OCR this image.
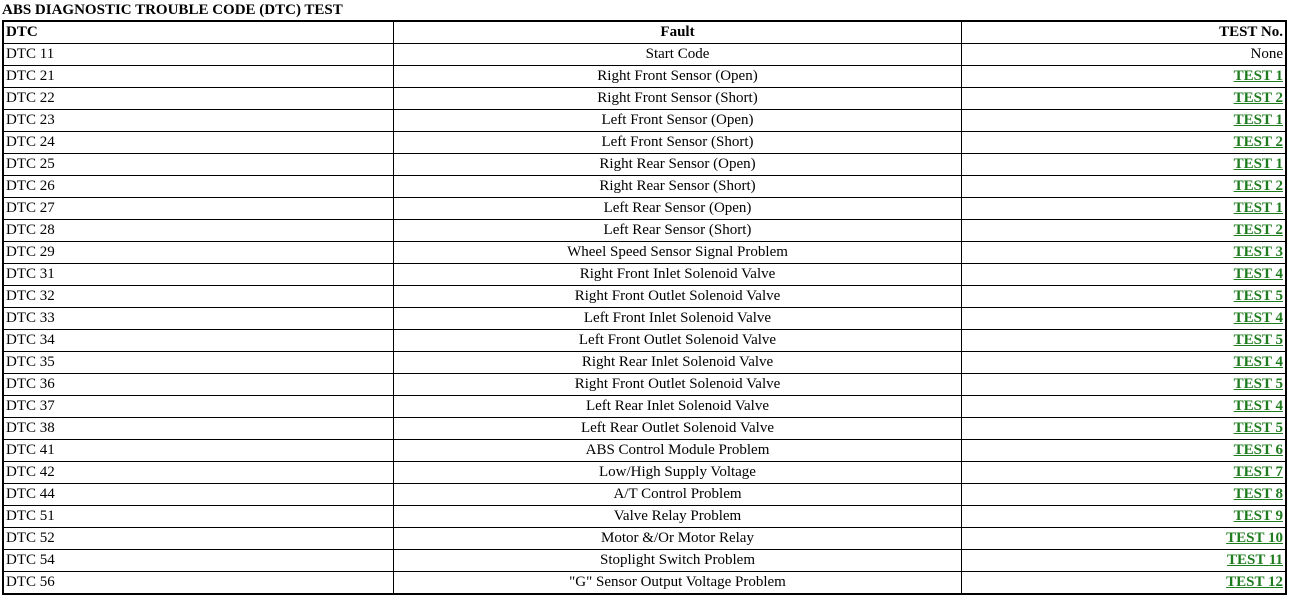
ABS DIAGNOSTIC TROUBLE CODE (DTC) TEST
DTC	Fault	TEST No.
DTC 11	Start Code	None
DTC 21	Right Front Sensor (Open)	TEST 1
DTC 22	Right Front Sensor (Short)	TEST 2
DTC 23	Left Front Sensor (Open)	TEST 1
DTC 24	Left Front Sensor (Short)	TEST 2
DTC 25	Right Rear Sensor (Open)	TEST 1
DTC 26	Right Rear Sensor (Short)	TEST 2
DTC 27	Left Rear Sensor (Open)	TEST 1
DTC 28	Left Rear Sensor (Short)	TEST 2
DTC 29	Wheel Speed Sensor Signal Problem	TEST 3
DTC 31	Right Front Inlet Solenoid Valve	TEST 4
DTC 32	Right Front Outlet Solenoid Valve	TEST 5
DTC 33	Left Front Inlet Solenoid Valve	TEST 4
DTC 34	Left Front Outlet Solenoid Valve	TEST 5
DTC 35	Right Rear Inlet Solenoid Valve	TEST 4
DTC 36	Right Front Outlet Solenoid Valve	TEST 5
DTC 37	Left Rear Inlet Solenoid Valve	TEST 4
DTC 38	Left Rear Outlet Solenoid Valve	TEST 5
DTC 41	ABS Control Module Problem	TEST 6
DTC 42	Low/High Supply Voltage	TEST 7
DTC 44	A/T Control Problem	TEST 8
DTC 51	Valve Relay Problem	TEST 9
DTC 52	Motor &/Or Motor Relay	TEST 10
DTC 54	Stoplight Switch Problem	TEST 11
DTC 56	"G" Sensor Output Voltage Problem	TEST 12
